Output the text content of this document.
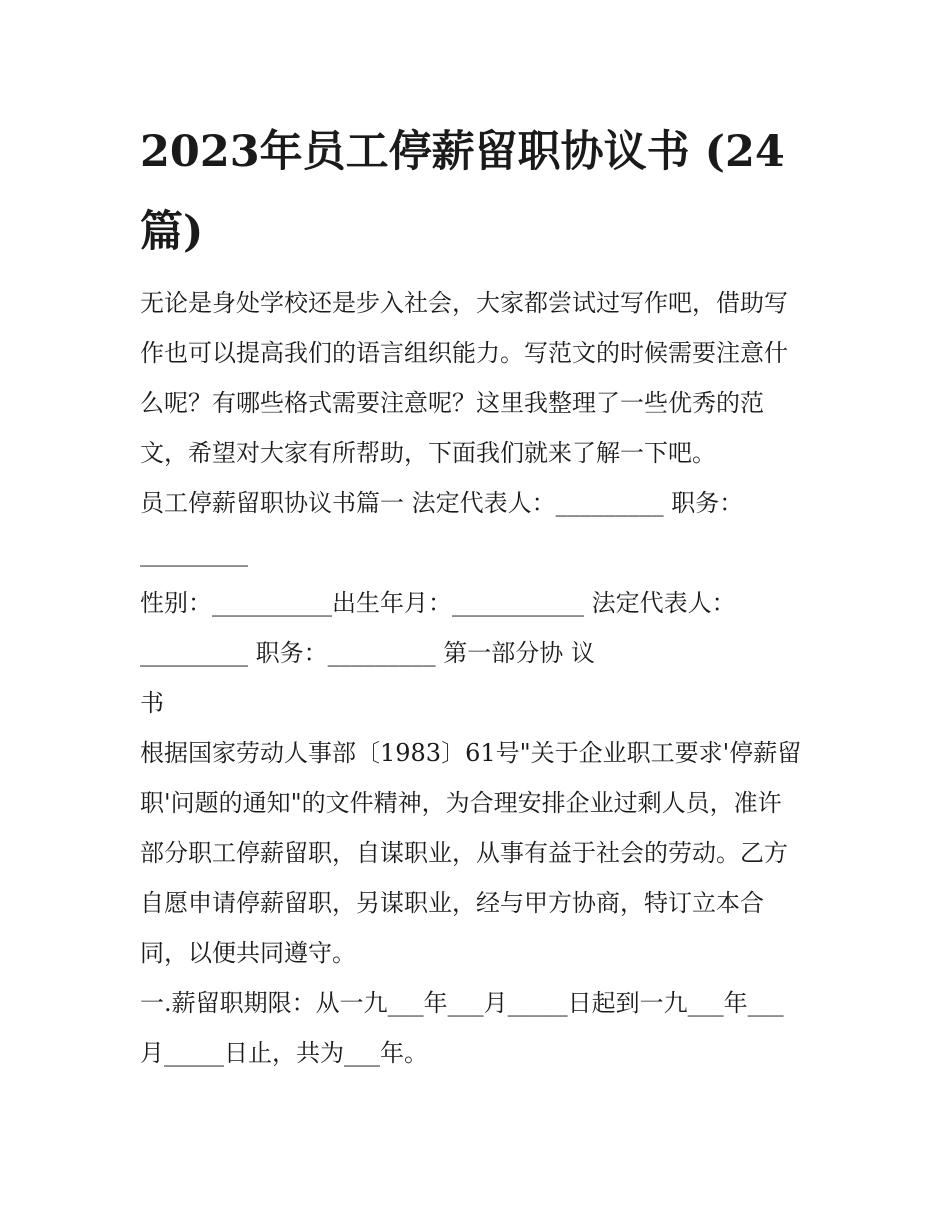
2023年员工停薪留职协议书 (24篇)

无论是身处学校还是步入社会，大家都尝试过写作吧，借助写
作也可以提高我们的语言组织能力。写范文的时候需要注意什
么呢？有哪些格式需要注意呢？这里我整理了一些优秀的范
文，希望对大家有所帮助，下面我们就来了解一下吧。

员工停薪留职协议书篇一 法定代表人：_________ 职务：
_________
性别：__________出生年月：___________ 法定代表人：
_________ 职务：_________ 第一部分协 议
书

根据国家劳动人事部〔1983〕61号"关于企业职工要求'停薪留
职'问题的通知"的文件精神，为合理安排企业过剩人员，准许
部分职工停薪留职，自谋职业，从事有益于社会的劳动。乙方
自愿申请停薪留职，另谋职业，经与甲方协商，特订立本合
同，以便共同遵守。

一.薪留职期限：从一九___年___月_____日起到一九___年___
月_____日止，共为___年。
